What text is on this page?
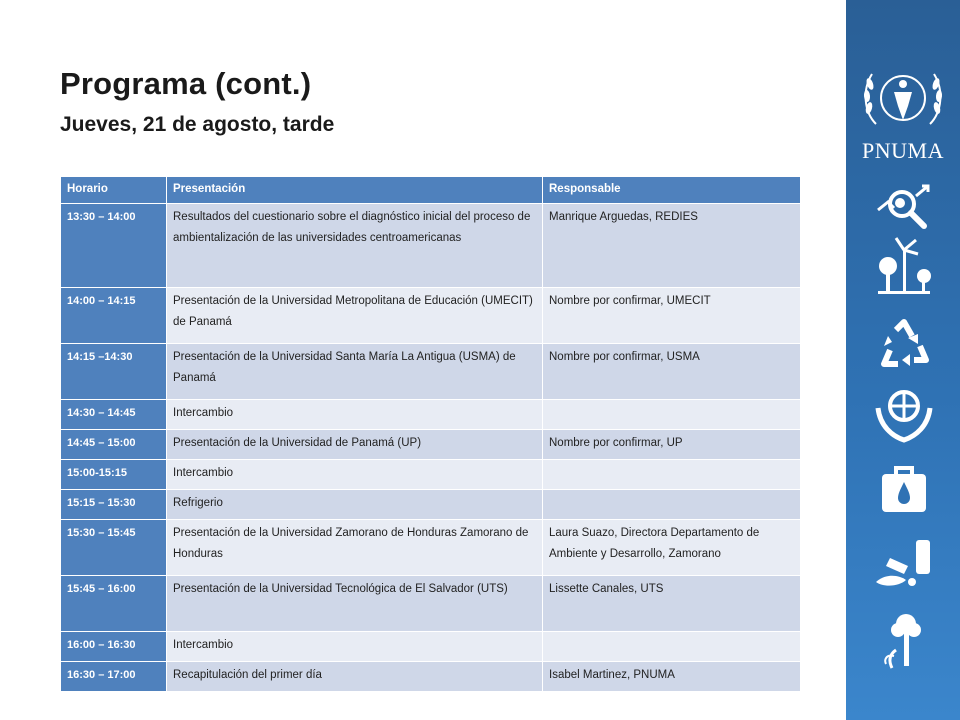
Programa (cont.)
Jueves, 21 de agosto, tarde
Horario	Presentación	Responsable
13:30 – 14:00	Resultados del cuestionario sobre el diagnóstico inicial del proceso de ambientalización de las universidades centroamericanas	Manrique Arguedas, REDIES
14:00 – 14:15	Presentación de la Universidad Metropolitana de Educación (UMECIT) de Panamá	Nombre por confirmar, UMECIT
14:15 –14:30	Presentación de la Universidad Santa María La Antigua (USMA) de Panamá	Nombre por confirmar, USMA
14:30 – 14:45	Intercambio	
14:45 – 15:00	Presentación de la Universidad de Panamá (UP)	Nombre por confirmar, UP
15:00-15:15	Intercambio	
15:15 – 15:30	Refrigerio	
15:30 – 15:45	Presentación de la Universidad Zamorano de Honduras Zamorano de Honduras	Laura Suazo, Directora Departamento de Ambiente y Desarrollo, Zamorano
15:45 – 16:00	Presentación de la Universidad Tecnológica de El Salvador (UTS)	Lissette Canales, UTS
16:00 – 16:30	Intercambio	
16:30 – 17:00	Recapitulación del primer día	Isabel Martinez, PNUMA
PNUMA
